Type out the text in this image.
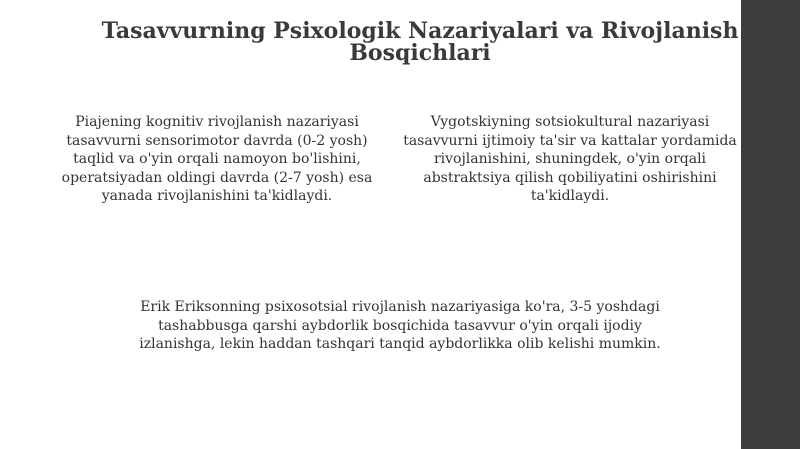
Tasavvurning Psixologik Nazariyalari va Rivojlanish Bosqichlari

Piajening kognitiv rivojlanish nazariyasi tasavvurni sensorimotor davrda (0-2 yosh) taqlid va o'yin orqali namoyon bo'lishini, operatsiyadan oldingi davrda (2-7 yosh) esa yanada rivojlanishini ta'kidlaydi.

Vygotskiyning sotsiokultural nazariyasi tasavvurni ijtimoiy ta'sir va kattalar yordamida rivojlanishini, shuningdek, o'yin orqali abstraktsiya qilish qobiliyatini oshirishini ta'kidlaydi.

Erik Eriksonning psixosotsial rivojlanish nazariyasiga ko'ra, 3-5 yoshdagi tashabbusga qarshi aybdorlik bosqichida tasavvur o'yin orqali ijodiy izlanishga, lekin haddan tashqari tanqid aybdorlikka olib kelishi mumkin.
